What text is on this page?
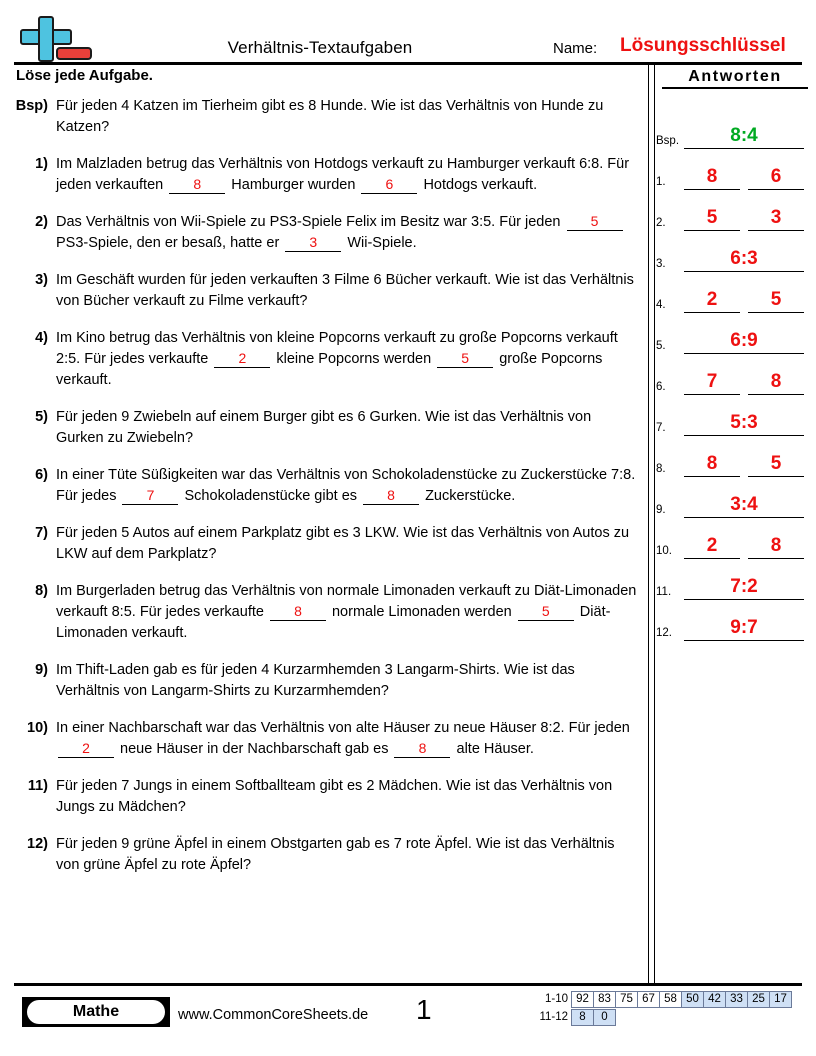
Verhältnis-Textaufgaben	Name: Lösungsschlüssel
Löse jede Aufgabe.	Antworten
Bsp) Für jeden 4 Katzen im Tierheim gibt es 8 Hunde. Wie ist das Verhältnis von Hunde zu Katzen?
1) Im Malzladen betrug das Verhältnis von Hotdogs verkauft zu Hamburger verkauft 6:8. Für jeden verkauften 8 Hamburger wurden 6 Hotdogs verkauft.
2) Das Verhältnis von Wii-Spiele zu PS3-Spiele Felix im Besitz war 3:5. Für jeden 5 PS3-Spiele, den er besaß, hatte er 3 Wii-Spiele.
3) Im Geschäft wurden für jeden verkauften 3 Filme 6 Bücher verkauft. Wie ist das Verhältnis von Bücher verkauft zu Filme verkauft?
4) Im Kino betrug das Verhältnis von kleine Popcorns verkauft zu große Popcorns verkauft 2:5. Für jedes verkaufte 2 kleine Popcorns werden 5 große Popcorns verkauft.
5) Für jeden 9 Zwiebeln auf einem Burger gibt es 6 Gurken. Wie ist das Verhältnis von Gurken zu Zwiebeln?
6) In einer Tüte Süßigkeiten war das Verhältnis von Schokoladenstücke zu Zuckerstücke 7:8. Für jedes 7 Schokoladenstücke gibt es 8 Zuckerstücke.
7) Für jeden 5 Autos auf einem Parkplatz gibt es 3 LKW. Wie ist das Verhältnis von Autos zu LKW auf dem Parkplatz?
8) Im Burgerladen betrug das Verhältnis von normale Limonaden verkauft zu Diät-Limonaden verkauft 8:5. Für jedes verkaufte 8 normale Limonaden werden 5 Diät-Limonaden verkauft.
9) Im Thift-Laden gab es für jeden 4 Kurzarmhemden 3 Langarm-Shirts. Wie ist das Verhältnis von Langarm-Shirts zu Kurzarmhemden?
10) In einer Nachbarschaft war das Verhältnis von alte Häuser zu neue Häuser 8:2. Für jeden 2 neue Häuser in der Nachbarschaft gab es 8 alte Häuser.
11) Für jeden 7 Jungs in einem Softballteam gibt es 2 Mädchen. Wie ist das Verhältnis von Jungs zu Mädchen?
12) Für jeden 9 grüne Äpfel in einem Obstgarten gab es 7 rote Äpfel. Wie ist das Verhältnis von grüne Äpfel zu rote Äpfel?
Bsp.	8:4
1.	8	6
2.	5	3
3.	6:3
4.	2	5
5.	6:9
6.	7	8
7.	5:3
8.	8	5
9.	3:4
10.	2	8
11.	7:2
12.	9:7
Mathe	www.CommonCoreSheets.de 1	1-10 92 83 75 67 58 50 42 33 25 17
11-12 8	0
